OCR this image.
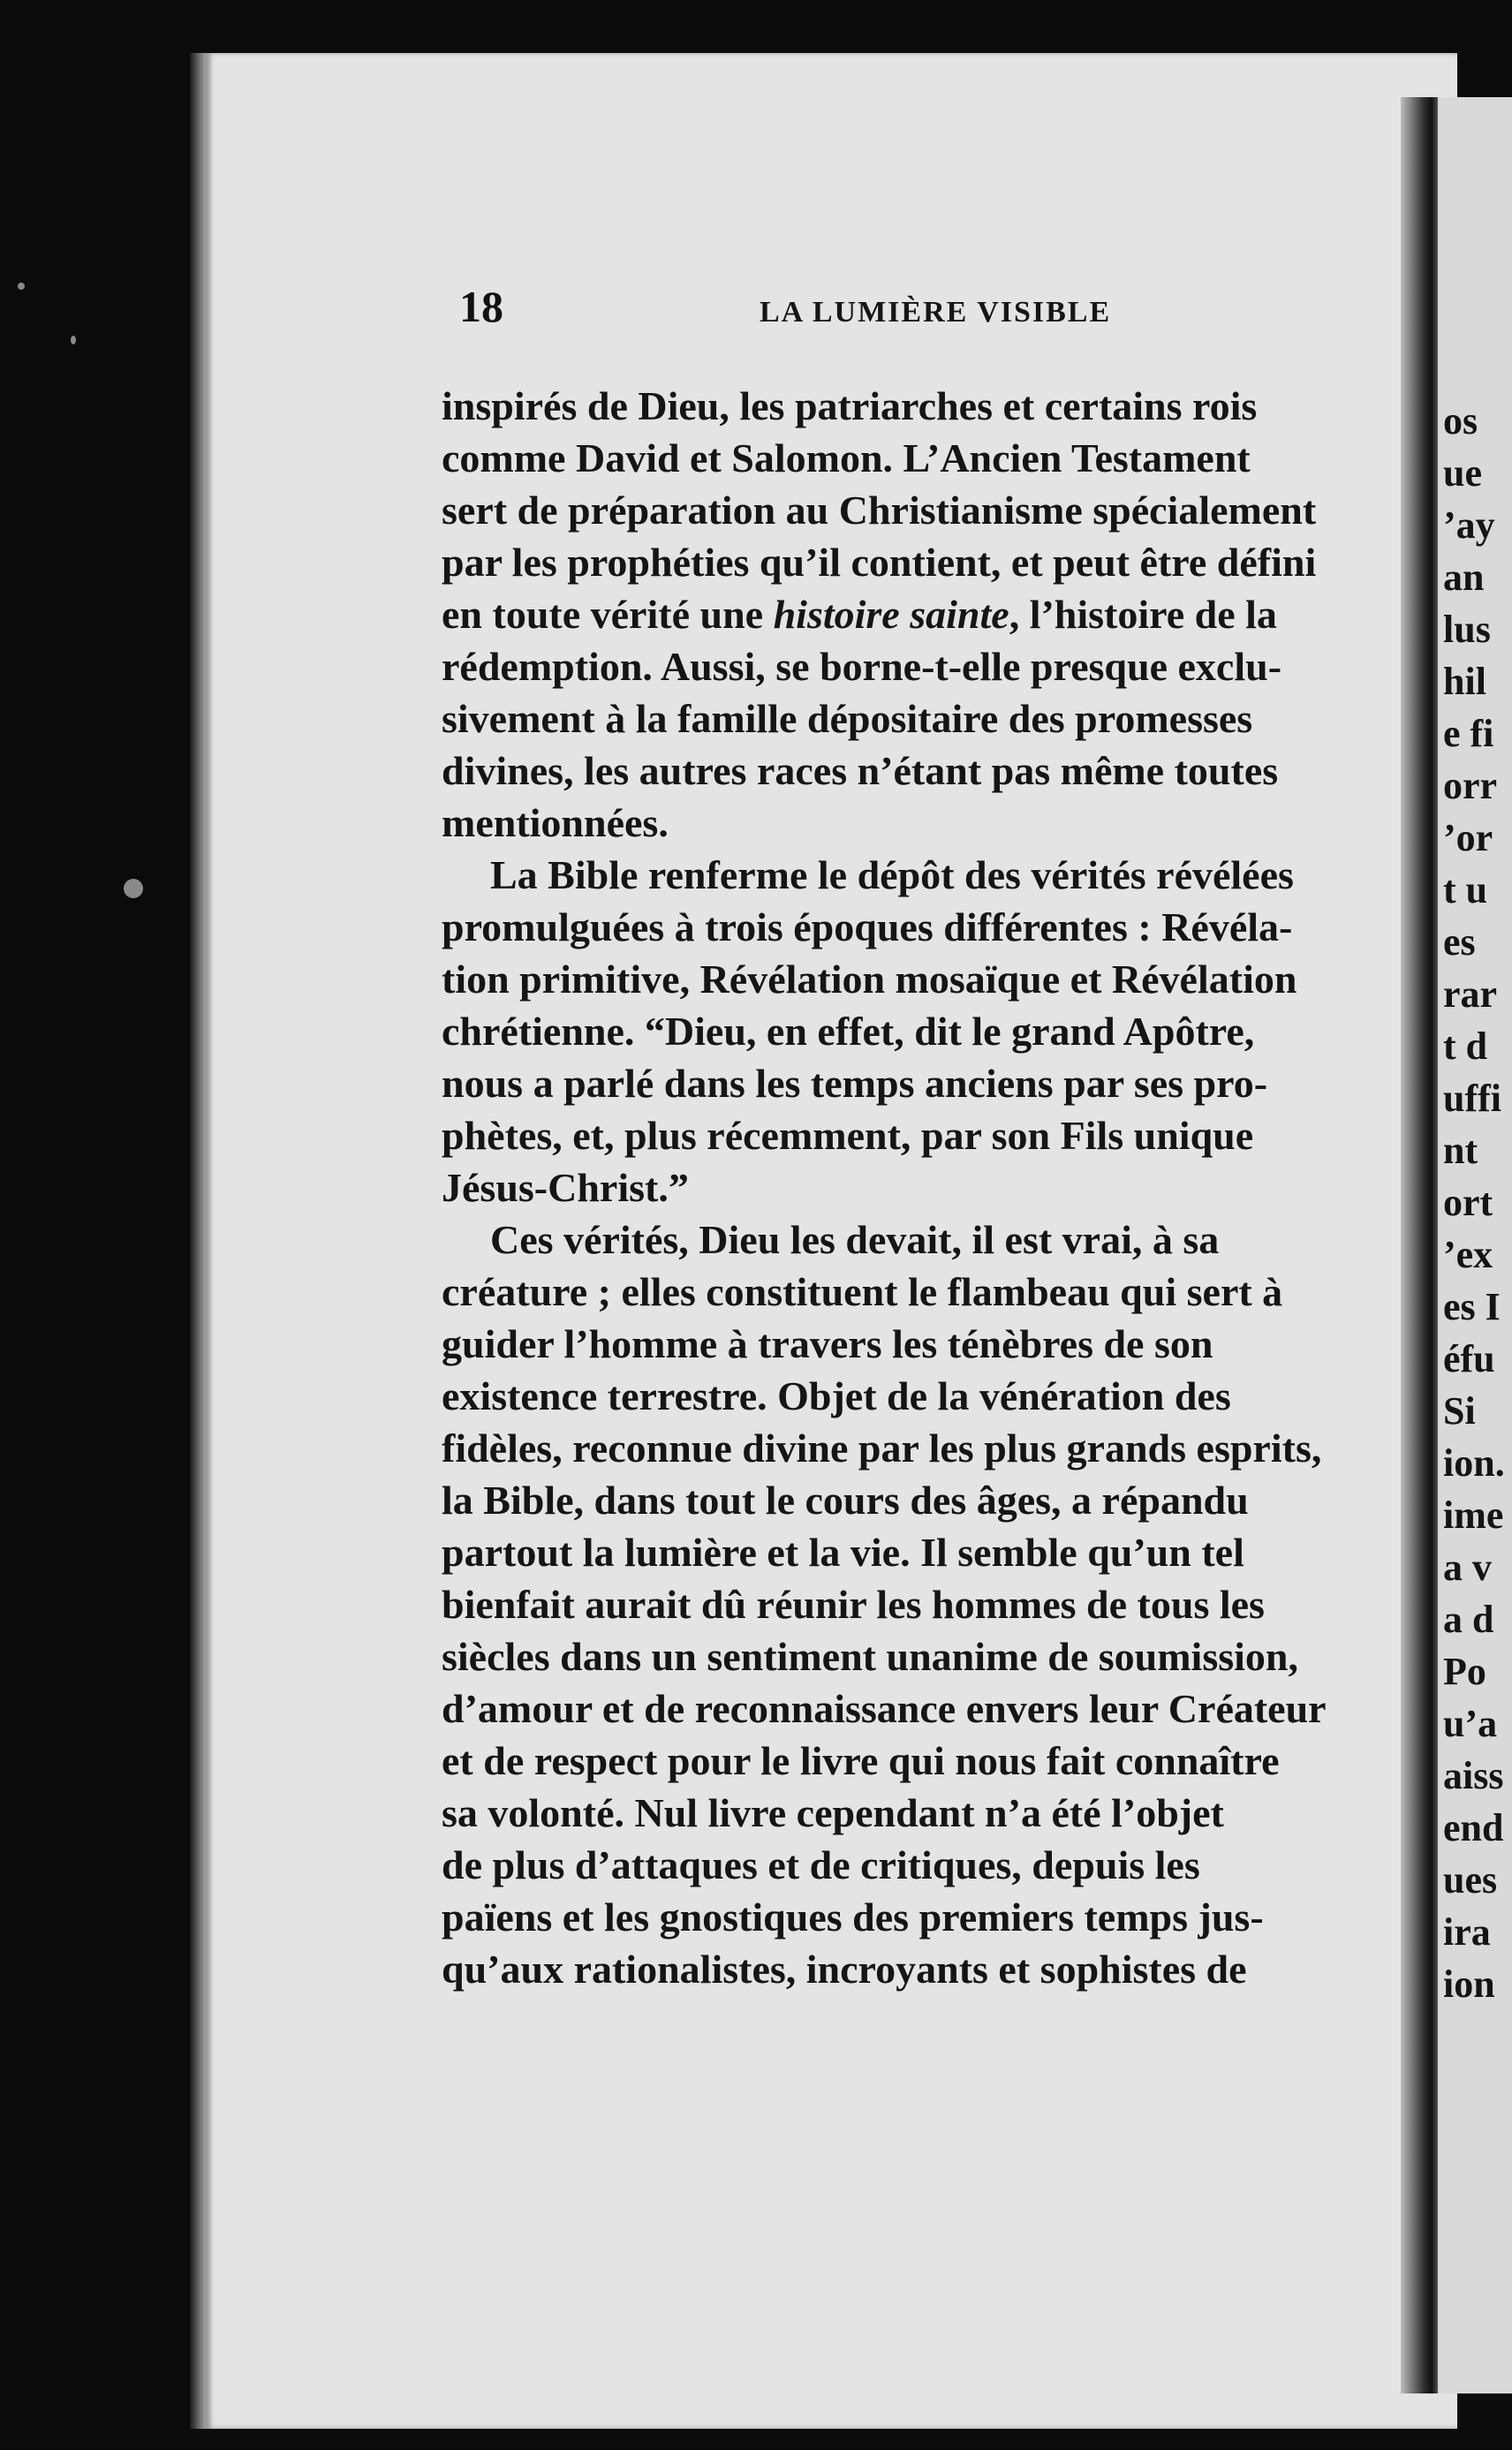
os
ue
’ay
an
lus
hil
e fi
orr
’or
t u
es
rar
t d
uffi
nt
ort
’ex
es I
éfu
Si
ion.
ime
a v
a d
Po
u’a
aiss
end
ues
ira
ion
18	LA LUMIÈRE VISIBLE
inspirés de Dieu, les patriarches et certains rois
comme David et Salomon. L’Ancien Testament
sert de préparation au Christianisme spécialement
par les prophéties qu’il contient, et peut être défini
en toute vérité une histoire sainte, l’histoire de la
rédemption. Aussi, se borne-t-elle presque exclu-
sivement à la famille dépositaire des promesses
divines, les autres races n’étant pas même toutes
mentionnées.
La Bible renferme le dépôt des vérités révélées
promulguées à trois époques différentes : Révéla-
tion primitive, Révélation mosaïque et Révélation
chrétienne. “Dieu, en effet, dit le grand Apôtre,
nous a parlé dans les temps anciens par ses pro-
phètes, et, plus récemment, par son Fils unique
Jésus-Christ.”
Ces vérités, Dieu les devait, il est vrai, à sa
créature ; elles constituent le flambeau qui sert à
guider l’homme à travers les ténèbres de son
existence terrestre. Objet de la vénération des
fidèles, reconnue divine par les plus grands esprits,
la Bible, dans tout le cours des âges, a répandu
partout la lumière et la vie. Il semble qu’un tel
bienfait aurait dû réunir les hommes de tous les
siècles dans un sentiment unanime de soumission,
d’amour et de reconnaissance envers leur Créateur
et de respect pour le livre qui nous fait connaître
sa volonté. Nul livre cependant n’a été l’objet
de plus d’attaques et de critiques, depuis les
païens et les gnostiques des premiers temps jus-
qu’aux rationalistes, incroyants et sophistes de
